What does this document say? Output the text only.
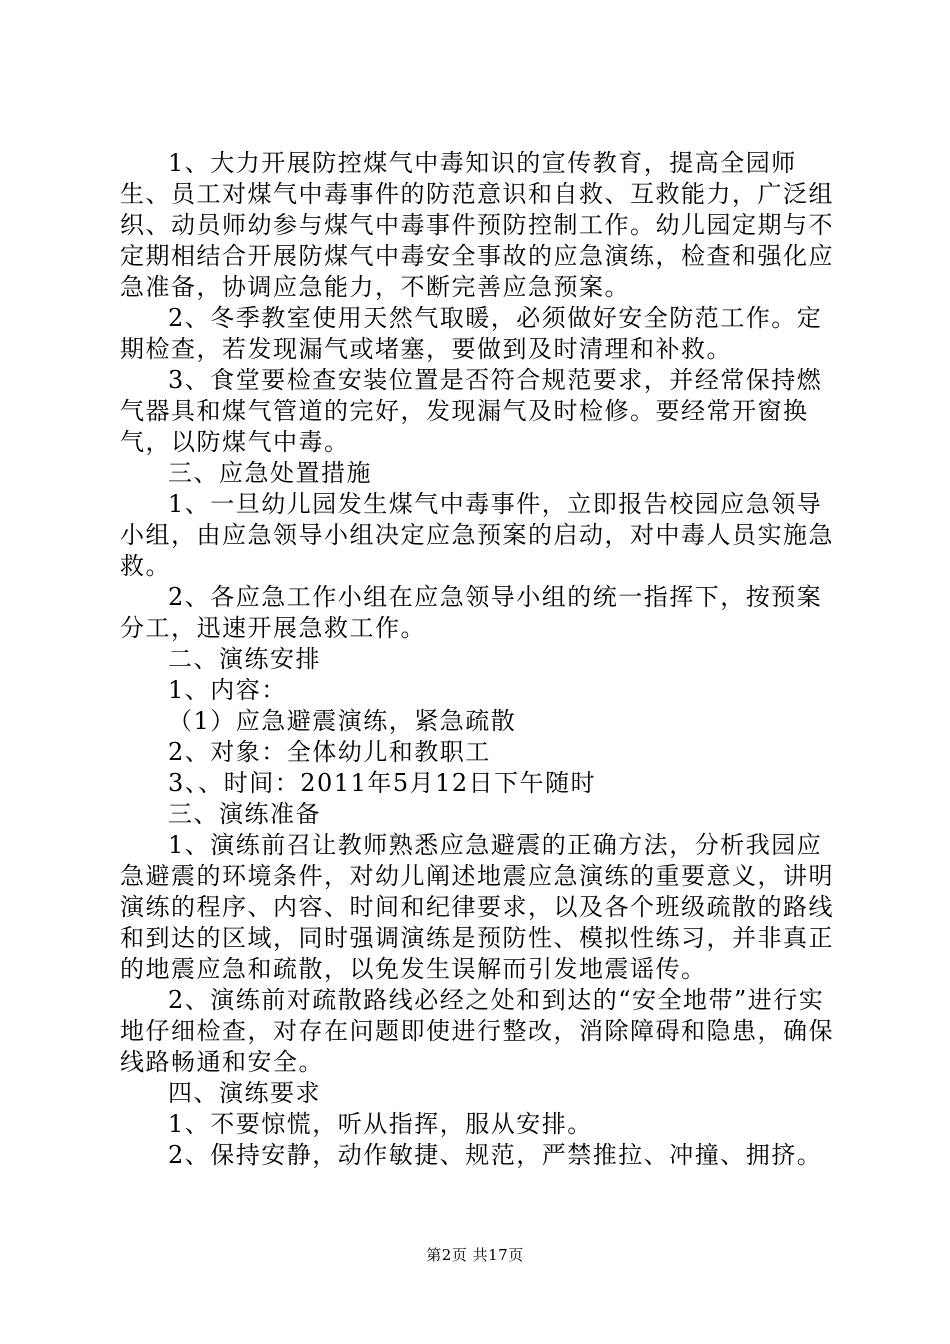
1、大力开展防控煤气中毒知识的宣传教育，提高全园师生、员工对煤气中毒事件的防范意识和自救、互救能力，广泛组织、动员师幼参与煤气中毒事件预防控制工作。幼儿园定期与不定期相结合开展防煤气中毒安全事故的应急演练，检查和强化应急准备，协调应急能力，不断完善应急预案。

2、冬季教室使用天然气取暖，必须做好安全防范工作。定期检查，若发现漏气或堵塞，要做到及时清理和补救。

3、食堂要检查安装位置是否符合规范要求，并经常保持燃气器具和煤气管道的完好，发现漏气及时检修。要经常开窗换气，以防煤气中毒。

三、应急处置措施

1、一旦幼儿园发生煤气中毒事件，立即报告校园应急领导小组，由应急领导小组决定应急预案的启动，对中毒人员实施急救。

2、各应急工作小组在应急领导小组的统一指挥下，按预案分工，迅速开展急救工作。

二、演练安排

1、内容：

（1）应急避震演练，紧急疏散

2、对象：全体幼儿和教职工

3、、时间：2011年5月12日下午随时

三、演练准备

1、演练前召让教师熟悉应急避震的正确方法，分析我园应急避震的环境条件，对幼儿阐述地震应急演练的重要意义，讲明演练的程序、内容、时间和纪律要求，以及各个班级疏散的路线和到达的区域，同时强调演练是预防性、模拟性练习，并非真正的地震应急和疏散，以免发生误解而引发地震谣传。

2、演练前对疏散路线必经之处和到达的“安全地带”进行实地仔细检查，对存在问题即使进行整改，消除障碍和隐患，确保线路畅通和安全。

四、演练要求

1、不要惊慌，听从指挥，服从安排。

2、保持安静，动作敏捷、规范，严禁推拉、冲撞、拥挤。

第2页 共17页
